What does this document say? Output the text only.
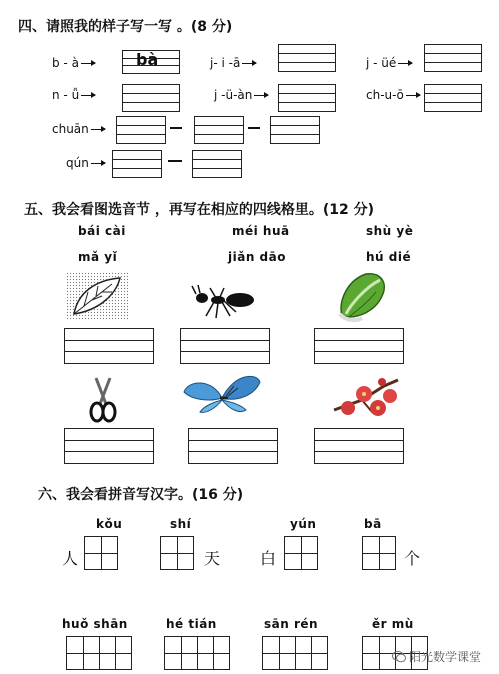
四、请照我的样子写一写 。(8 分)
b - à	bà	j- i -ā	j - üé
n - ǚ	j -ü-àn	ch-u-ō
chuān
qún
五、我会看图选音节 ，再写在相应的四线格里。(12 分)
bái cài	méi huā	shù yè
mǎ yǐ	jiǎn dāo	hú dié
六、我会看拼音写汉字。(16 分)
kǒu	shí	yún	bā
人	天 白	个
huǒ shān	hé tián	sān rén	ěr mù
阳光数学课堂
